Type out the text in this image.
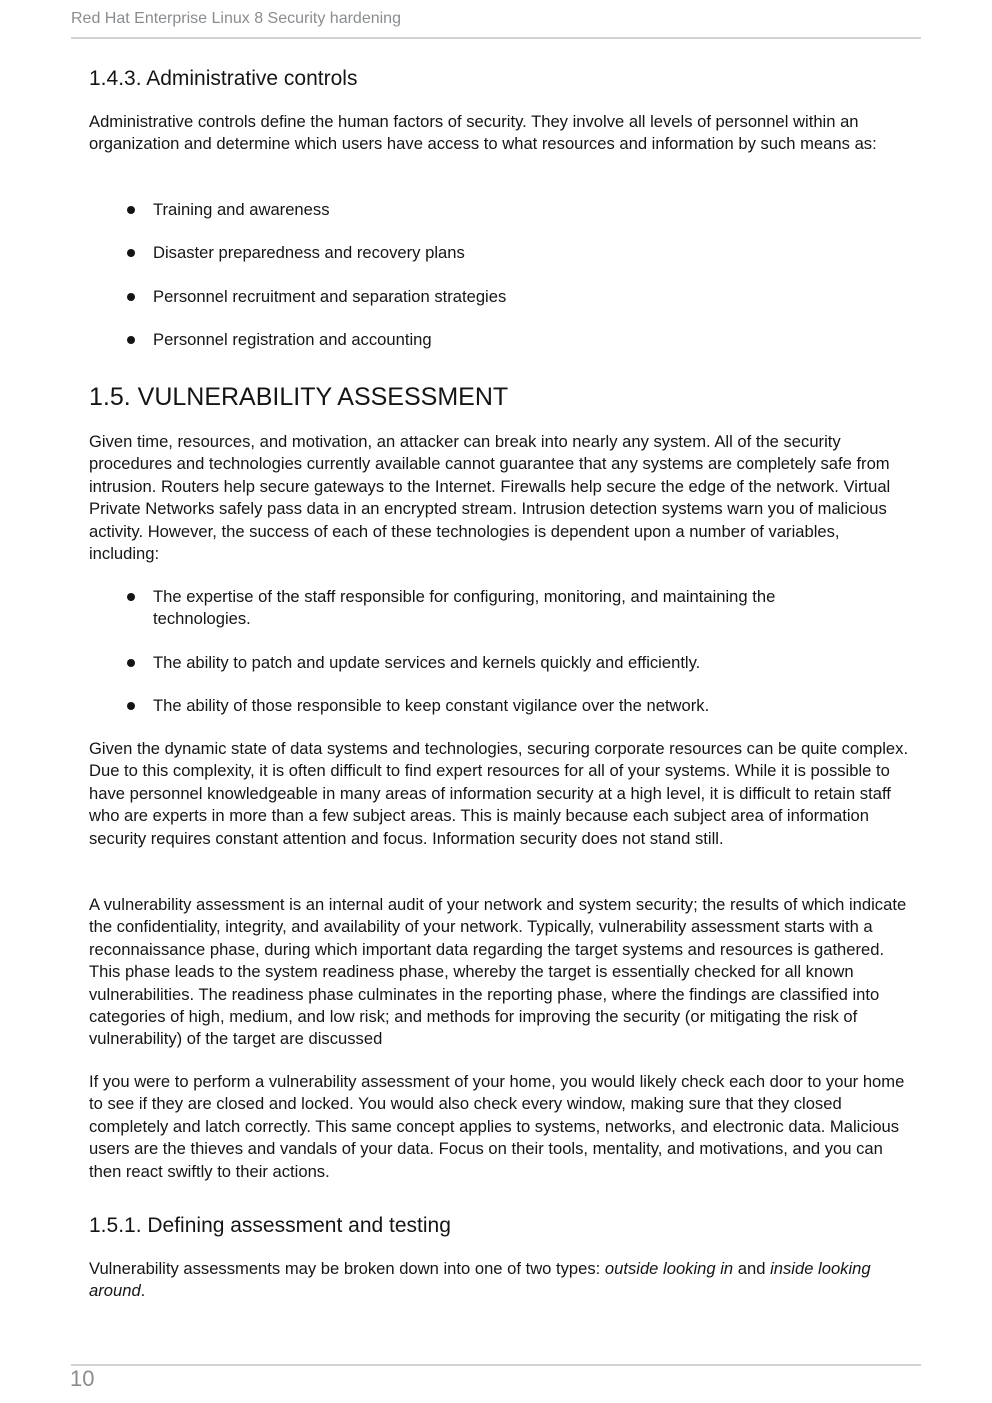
Red Hat Enterprise Linux 8 Security hardening
1.4.3. Administrative controls

Administrative controls define the human factors of security. They involve all levels of personnel within an organization and determine which users have access to what resources and information by such means as:

Training and awareness
Disaster preparedness and recovery plans
Personnel recruitment and separation strategies
Personnel registration and accounting
1.5. VULNERABILITY ASSESSMENT

Given time, resources, and motivation, an attacker can break into nearly any system. All of the security procedures and technologies currently available cannot guarantee that any systems are completely safe from intrusion. Routers help secure gateways to the Internet. Firewalls help secure the edge of the network. Virtual Private Networks safely pass data in an encrypted stream. Intrusion detection systems warn you of malicious activity. However, the success of each of these technologies is dependent upon a number of variables, including:

The expertise of the staff responsible for configuring, monitoring, and maintaining the technologies.
The ability to patch and update services and kernels quickly and efficiently.
The ability of those responsible to keep constant vigilance over the network.

Given the dynamic state of data systems and technologies, securing corporate resources can be quite complex. Due to this complexity, it is often difficult to find expert resources for all of your systems. While it is possible to have personnel knowledgeable in many areas of information security at a high level, it is difficult to retain staff who are experts in more than a few subject areas. This is mainly because each subject area of information security requires constant attention and focus. Information security does not stand still.

A vulnerability assessment is an internal audit of your network and system security; the results of which indicate the confidentiality, integrity, and availability of your network. Typically, vulnerability assessment starts with a reconnaissance phase, during which important data regarding the target systems and resources is gathered. This phase leads to the system readiness phase, whereby the target is essentially checked for all known vulnerabilities. The readiness phase culminates in the reporting phase, where the findings are classified into categories of high, medium, and low risk; and methods for improving the security (or mitigating the risk of vulnerability) of the target are discussed

If you were to perform a vulnerability assessment of your home, you would likely check each door to your home to see if they are closed and locked. You would also check every window, making sure that they closed completely and latch correctly. This same concept applies to systems, networks, and electronic data. Malicious users are the thieves and vandals of your data. Focus on their tools, mentality, and motivations, and you can then react swiftly to their actions.

1.5.1. Defining assessment and testing

Vulnerability assessments may be broken down into one of two types: outside looking in and inside looking around.

10
